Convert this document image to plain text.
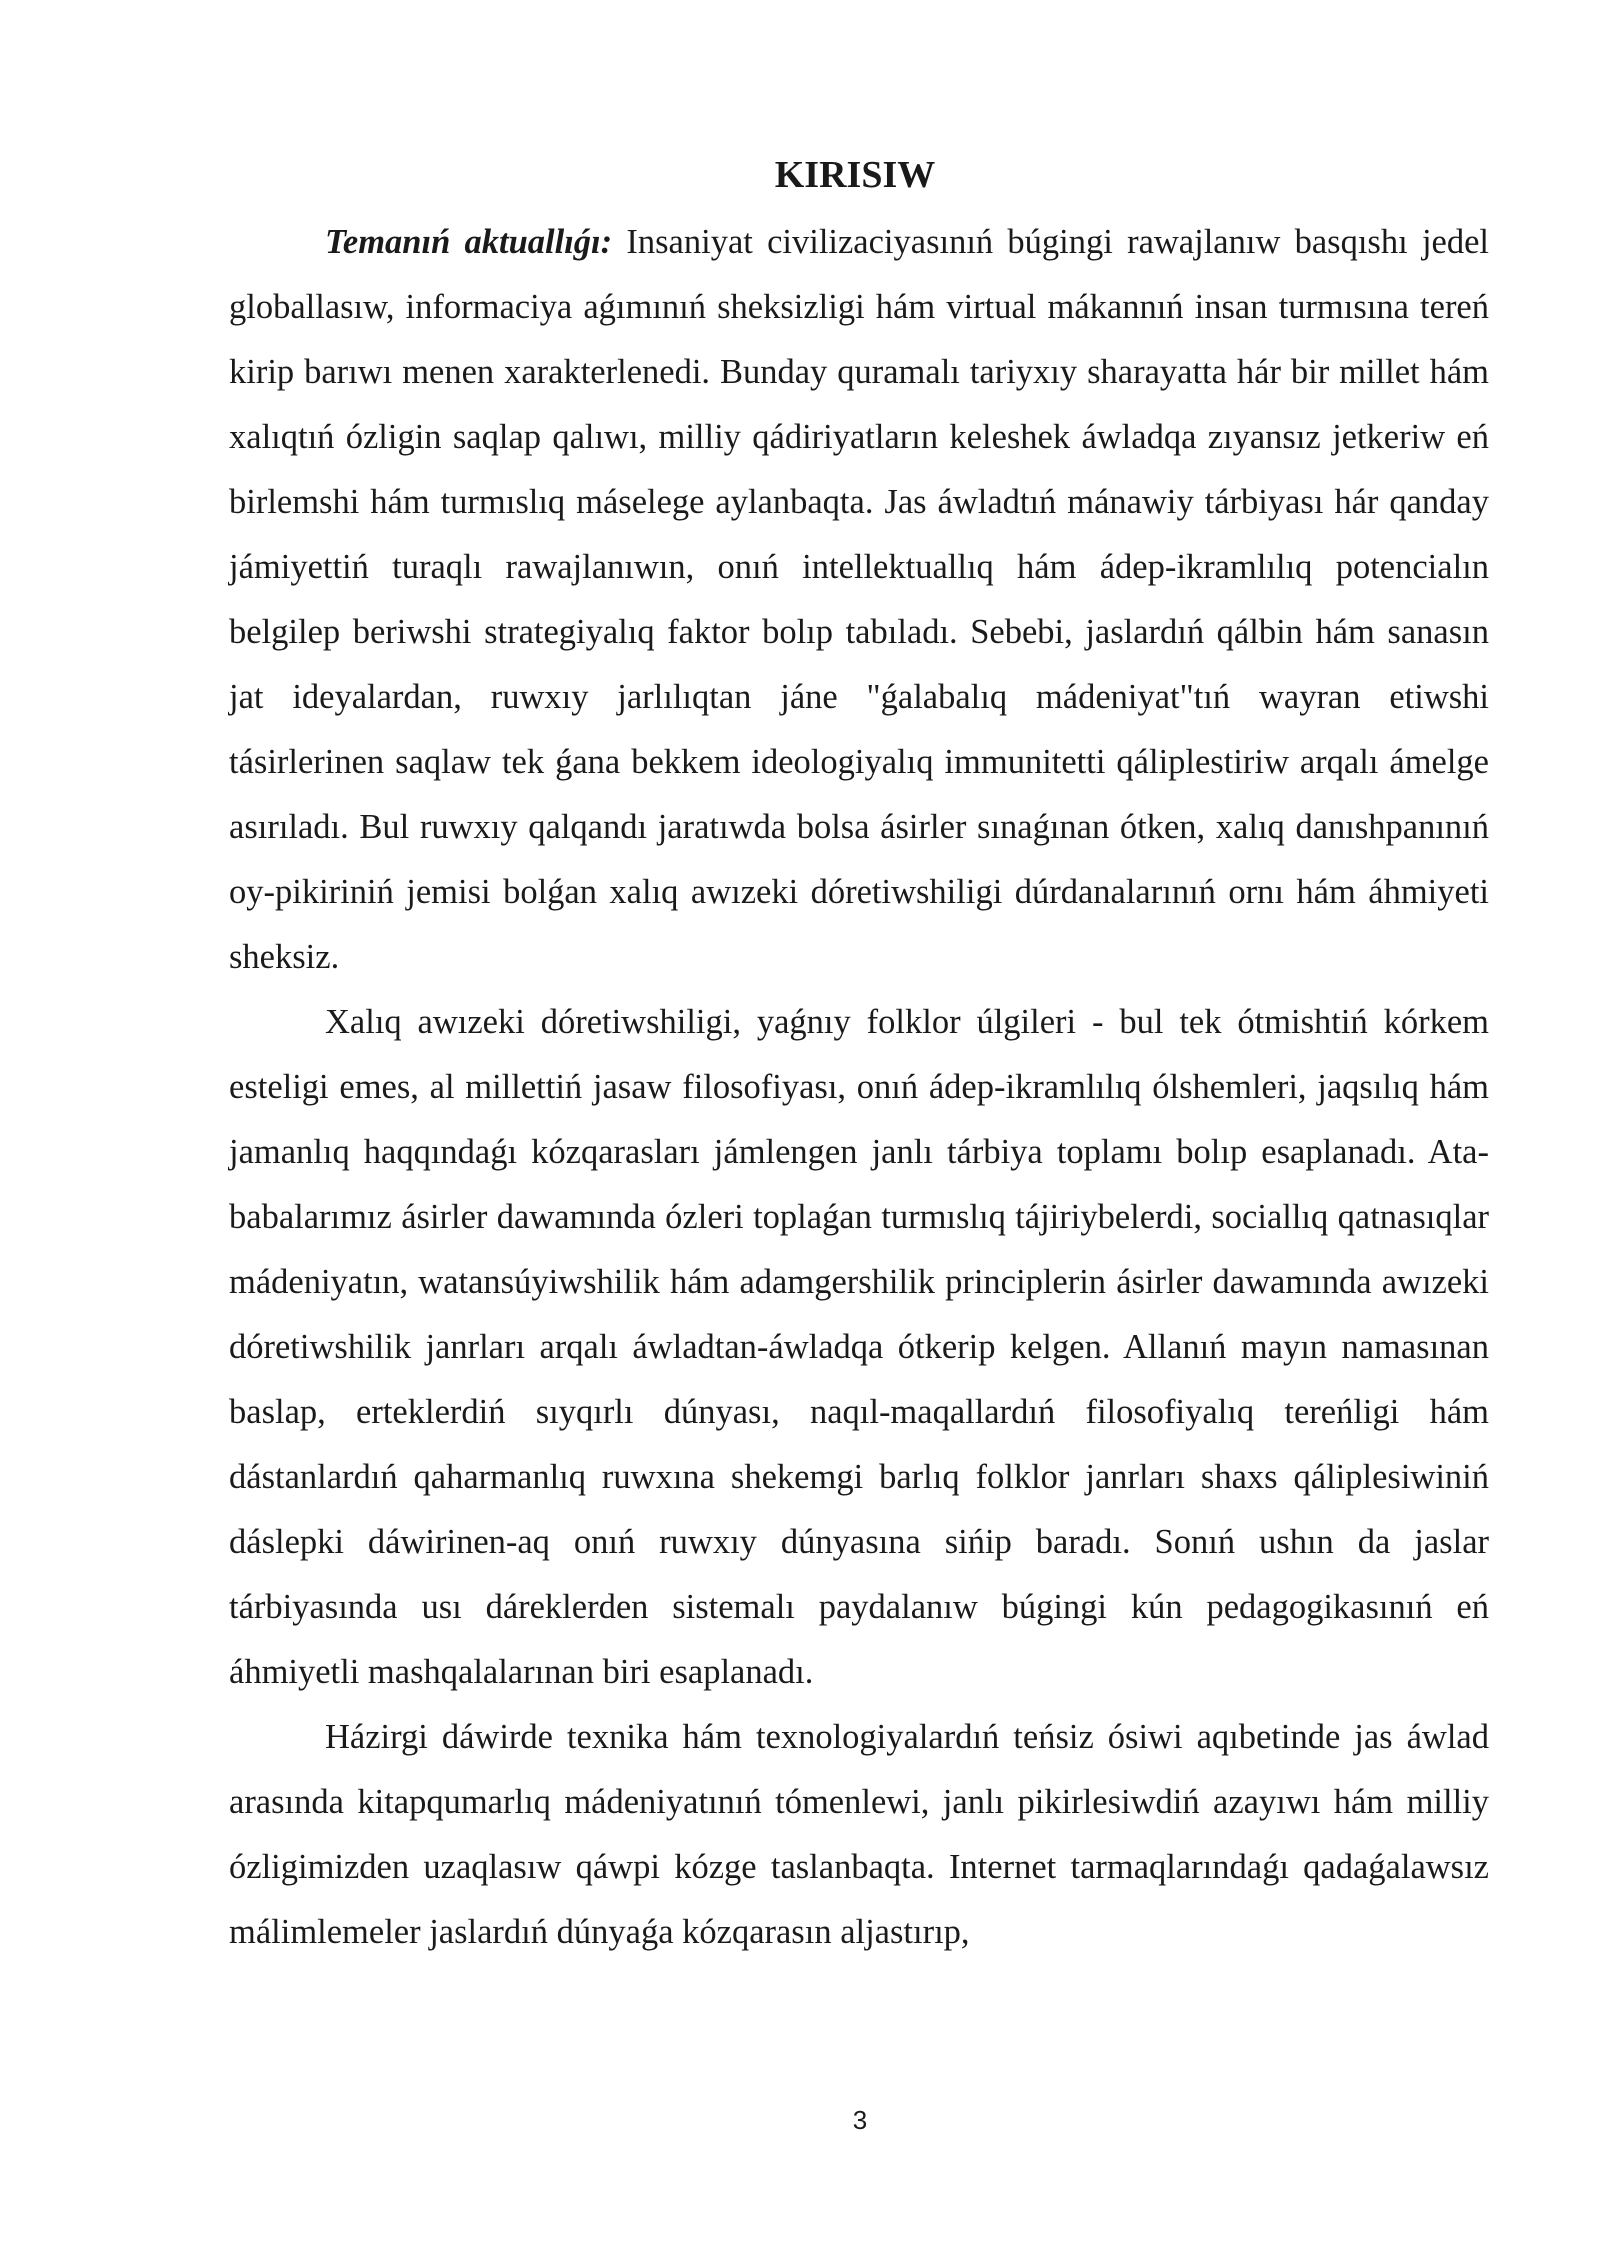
KIRISIW

Temanıń aktuallıǵı: Insaniyat civilizaciyasınıń búgingi rawajlanıw basqıshı jedel globallasıw, informaciya aǵımınıń sheksizligi hám virtual mákannıń insan turmısına tereń kirip barıwı menen xarakterlenedi. Bunday quramalı tariyxıy sharayatta hár bir millet hám xalıqtıń ózligin saqlap qalıwı, milliy qádiriyatların keleshek áwladqa zıyansız jetkeriw eń birlemshi hám turmıslıq máselege aylanbaqta. Jas áwladtıń mánawiy tárbiyası hár qanday jámiyettiń turaqlı rawajlanıwın, onıń intellektuallıq hám ádep-ikramlılıq potencialın belgilep beriwshi strategiyalıq faktor bolıp tabıladı. Sebebi, jaslardıń qálbin hám sanasın jat ideyalardan, ruwxıy jarlılıqtan jáne "ǵalabalıq mádeniyat"tıń wayran etiwshi tásirlerinen saqlaw tek ǵana bekkem ideologiyalıq immunitetti qáliplestiriw arqalı ámelge asırıladı. Bul ruwxıy qalqandı jaratıwda bolsa ásirler sınaǵınan ótken, xalıq danıshpanınıń oy-pikiriniń jemisi bolǵan xalıq awızeki dóretiwshiligi dúrdanalarınıń ornı hám áhmiyeti sheksiz.

Xalıq awızeki dóretiwshiligi, yaǵnıy folklor úlgileri - bul tek ótmishtiń kórkem esteligi emes, al millettiń jasaw filosofiyası, onıń ádep-ikramlılıq ólshemleri, jaqsılıq hám jamanlıq haqqındaǵı kózqarasları jámlengen janlı tárbiya toplamı bolıp esaplanadı. Ata-babalarımız ásirler dawamında ózleri toplaǵan turmıslıq tájiriybelerdi, sociallıq qatnasıqlar mádeniyatın, watansúyiwshilik hám adamgershilik principlerin ásirler dawamında awızeki dóretiwshilik janrları arqalı áwladtan-áwladqa ótkerip kelgen. Allanıń mayın namasınan baslap, erteklerdiń sıyqırlı dúnyası, naqıl-maqallardıń filosofiyalıq tereńligi hám dástanlardıń qaharmanlıq ruwxına shekemgi barlıq folklor janrları shaxs qáliplesiwiniń dáslepki dáwirinen-aq onıń ruwxıy dúnyasına sińip baradı. Sonıń ushın da jaslar tárbiyasında usı dáreklerden sistemalı paydalanıw búgingi kún pedagogikasınıń eń áhmiyetli mashqalalarınan biri esaplanadı.

Házirgi dáwirde texnika hám texnologiyalardıń teńsiz ósiwi aqıbetinde jas áwlad arasında kitapqumarlıq mádeniyatınıń tómenlewi, janlı pikirlesiwdiń azayıwı hám milliy ózligimizden uzaqlasıw qáwpi kózge taslanbaqta. Internet tarmaqlarındaǵı qadaǵalawsız málimlemeler jaslardıń dúnyaǵa kózqarasın aljastırıp,

3
